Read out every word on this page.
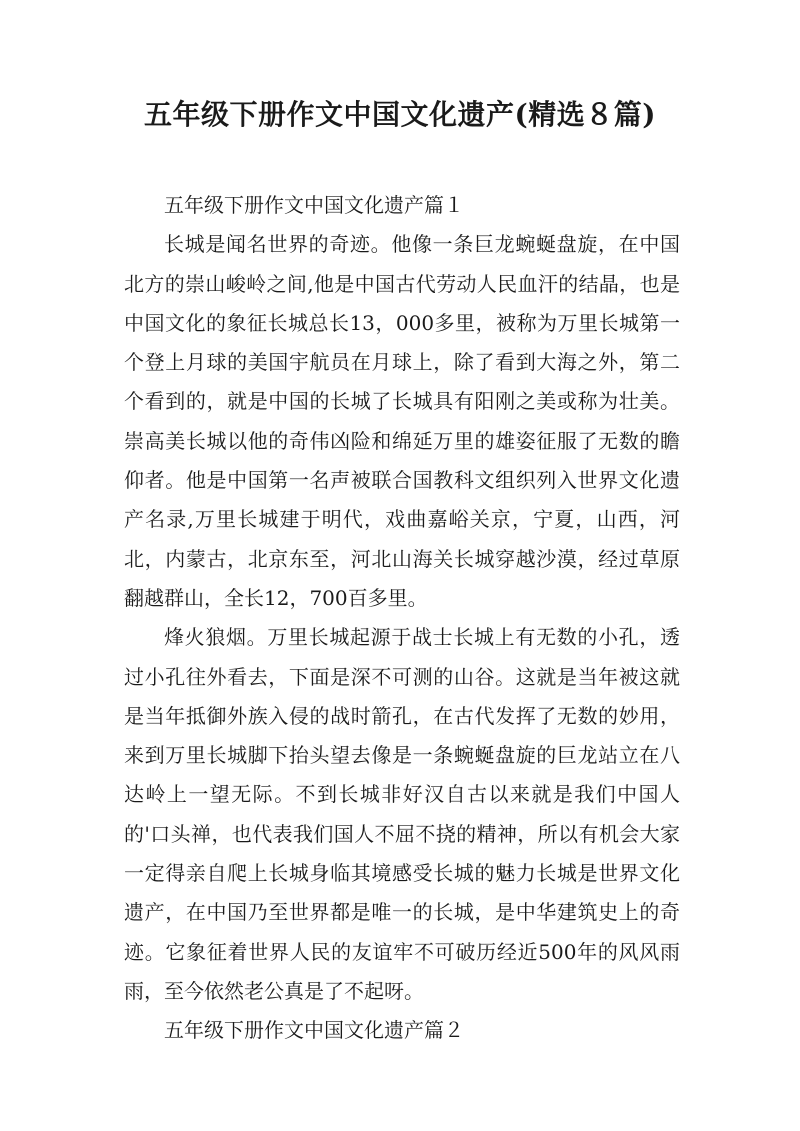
五年级下册作文中国文化遗产(精选８篇)

五年级下册作文中国文化遗产篇１

长城是闻名世界的奇迹。他像一条巨龙蜿蜒盘旋，在中国北方的崇山峻岭之间,他是中国古代劳动人民血汗的结晶，也是中国文化的象征长城总长13，000多里，被称为万里长城第一个登上月球的美国宇航员在月球上，除了看到大海之外，第二个看到的，就是中国的长城了长城具有阳刚之美或称为壮美。崇高美长城以他的奇伟凶险和绵延万里的雄姿征服了无数的瞻仰者。他是中国第一名声被联合国教科文组织列入世界文化遗产名录,万里长城建于明代，戏曲嘉峪关京，宁夏，山西，河北，内蒙古，北京东至，河北山海关长城穿越沙漠，经过草原翻越群山，全长12，700百多里。

烽火狼烟。万里长城起源于战士长城上有无数的小孔，透过小孔往外看去，下面是深不可测的山谷。这就是当年被这就是当年抵御外族入侵的战时箭孔，在古代发挥了无数的妙用，来到万里长城脚下抬头望去像是一条蜿蜒盘旋的巨龙站立在八达岭上一望无际。不到长城非好汉自古以来就是我们中国人的'口头禅，也代表我们国人不屈不挠的精神，所以有机会大家一定得亲自爬上长城身临其境感受长城的魅力长城是世界文化遗产，在中国乃至世界都是唯一的长城，是中华建筑史上的奇迹。它象征着世界人民的友谊牢不可破历经近500年的风风雨雨，至今依然老公真是了不起呀。

五年级下册作文中国文化遗产篇２
